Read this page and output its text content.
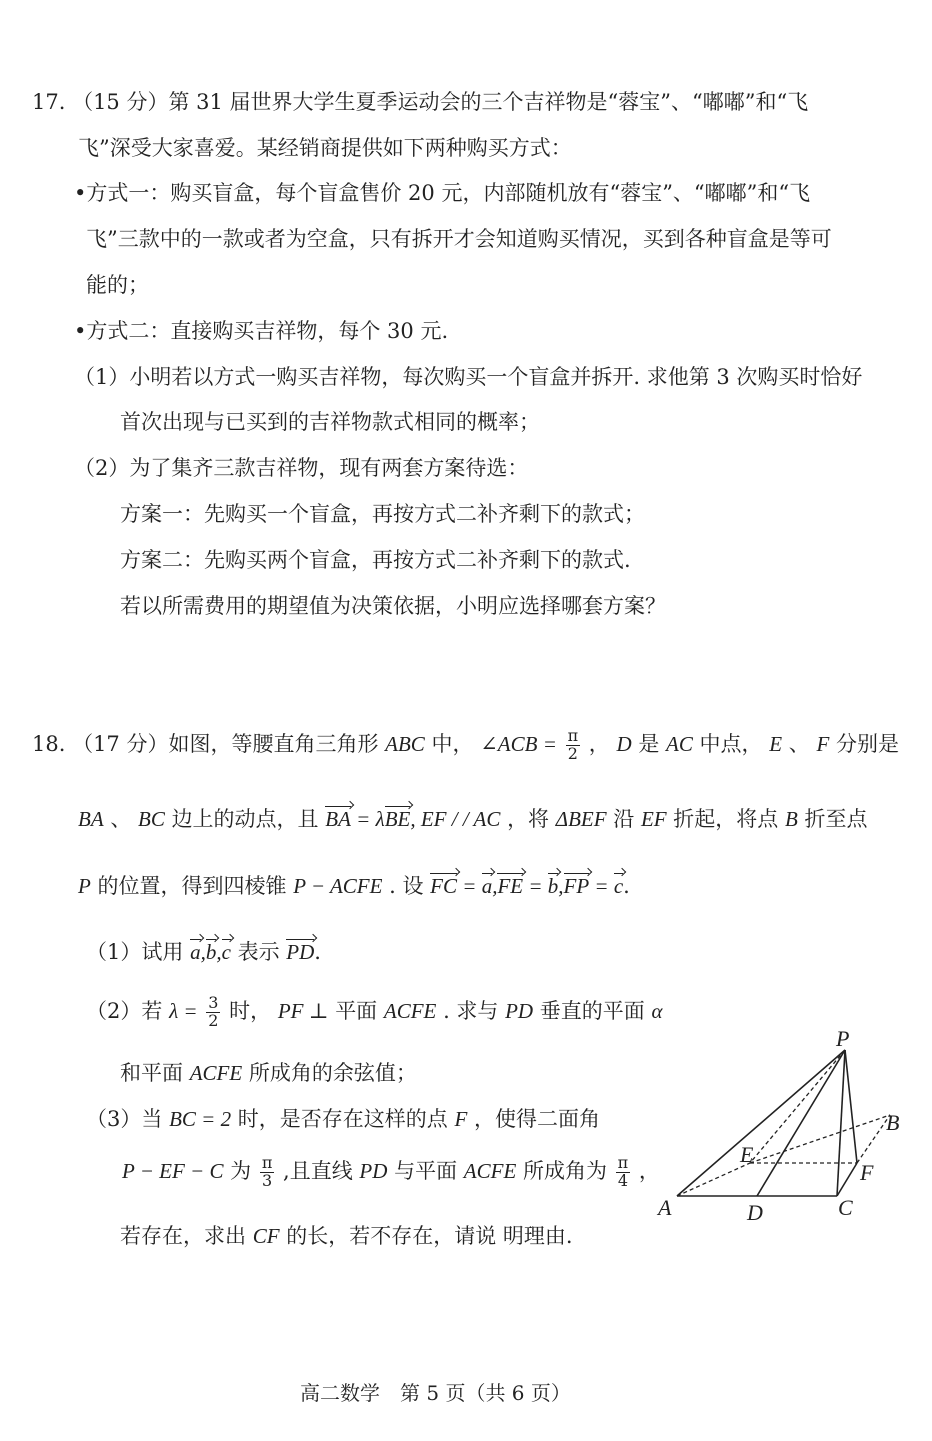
17. （15 分）第 31 届世界大学生夏季运动会的三个吉祥物是“蓉宝”、“嘟嘟”和“飞
飞”深受大家喜爱。某经销商提供如下两种购买方式：
•方式一：购买盲盒，每个盲盒售价 20 元，内部随机放有“蓉宝”、“嘟嘟”和“飞
飞”三款中的一款或者为空盒，只有拆开才会知道购买情况，买到各种盲盒是等可
能的；
•方式二：直接购买吉祥物，每个 30 元.
（1）小明若以方式一购买吉祥物，每次购买一个盲盒并拆开. 求他第 3 次购买时恰好
首次出现与已买到的吉祥物款式相同的概率；
（2）为了集齐三款吉祥物，现有两套方案待选：
方案一：先购买一个盲盒，再按方式二补齐剩下的款式；
方案二：先购买两个盲盒，再按方式二补齐剩下的款式.
若以所需费用的期望值为决策依据，小明应选择哪套方案？
18. （17 分）如图，等腰直角三角形 ABC 中， ∠ACB = $\frac{\pi}{2}$ ， D 是 AC 中点， E 、 F 分别是
BA 、 BC 边上的动点，且 BA = λBE, EF / / AC ，将 ΔBEF 沿 EF 折起，将点 B 折至点
P 的位置，得到四棱锥 P − ACFE . 设 FC = a,FE = b,FP = c.
（1）试用 a,b,c 表示 PD.
（2）若 $\lambda = \frac{3}{2}$ 时， PF ⊥ 平面 ACFE . 求与 PD 垂直的平面 α
和平面 ACFE 所成角的余弦值；
（3）当 BC = 2 时，是否存在这样的点 F ，使得二面角
P − EF − C 为 $\frac{\pi}{3}$ ,且直线 PD 与平面 ACFE 所成角为 $\frac{\pi}{4}$ ，
若存在，求出 CF 的长，若不存在，请说 明理由.
P
B
E
F
A	D	C
高二数学　第 5 页（共 6 页）
